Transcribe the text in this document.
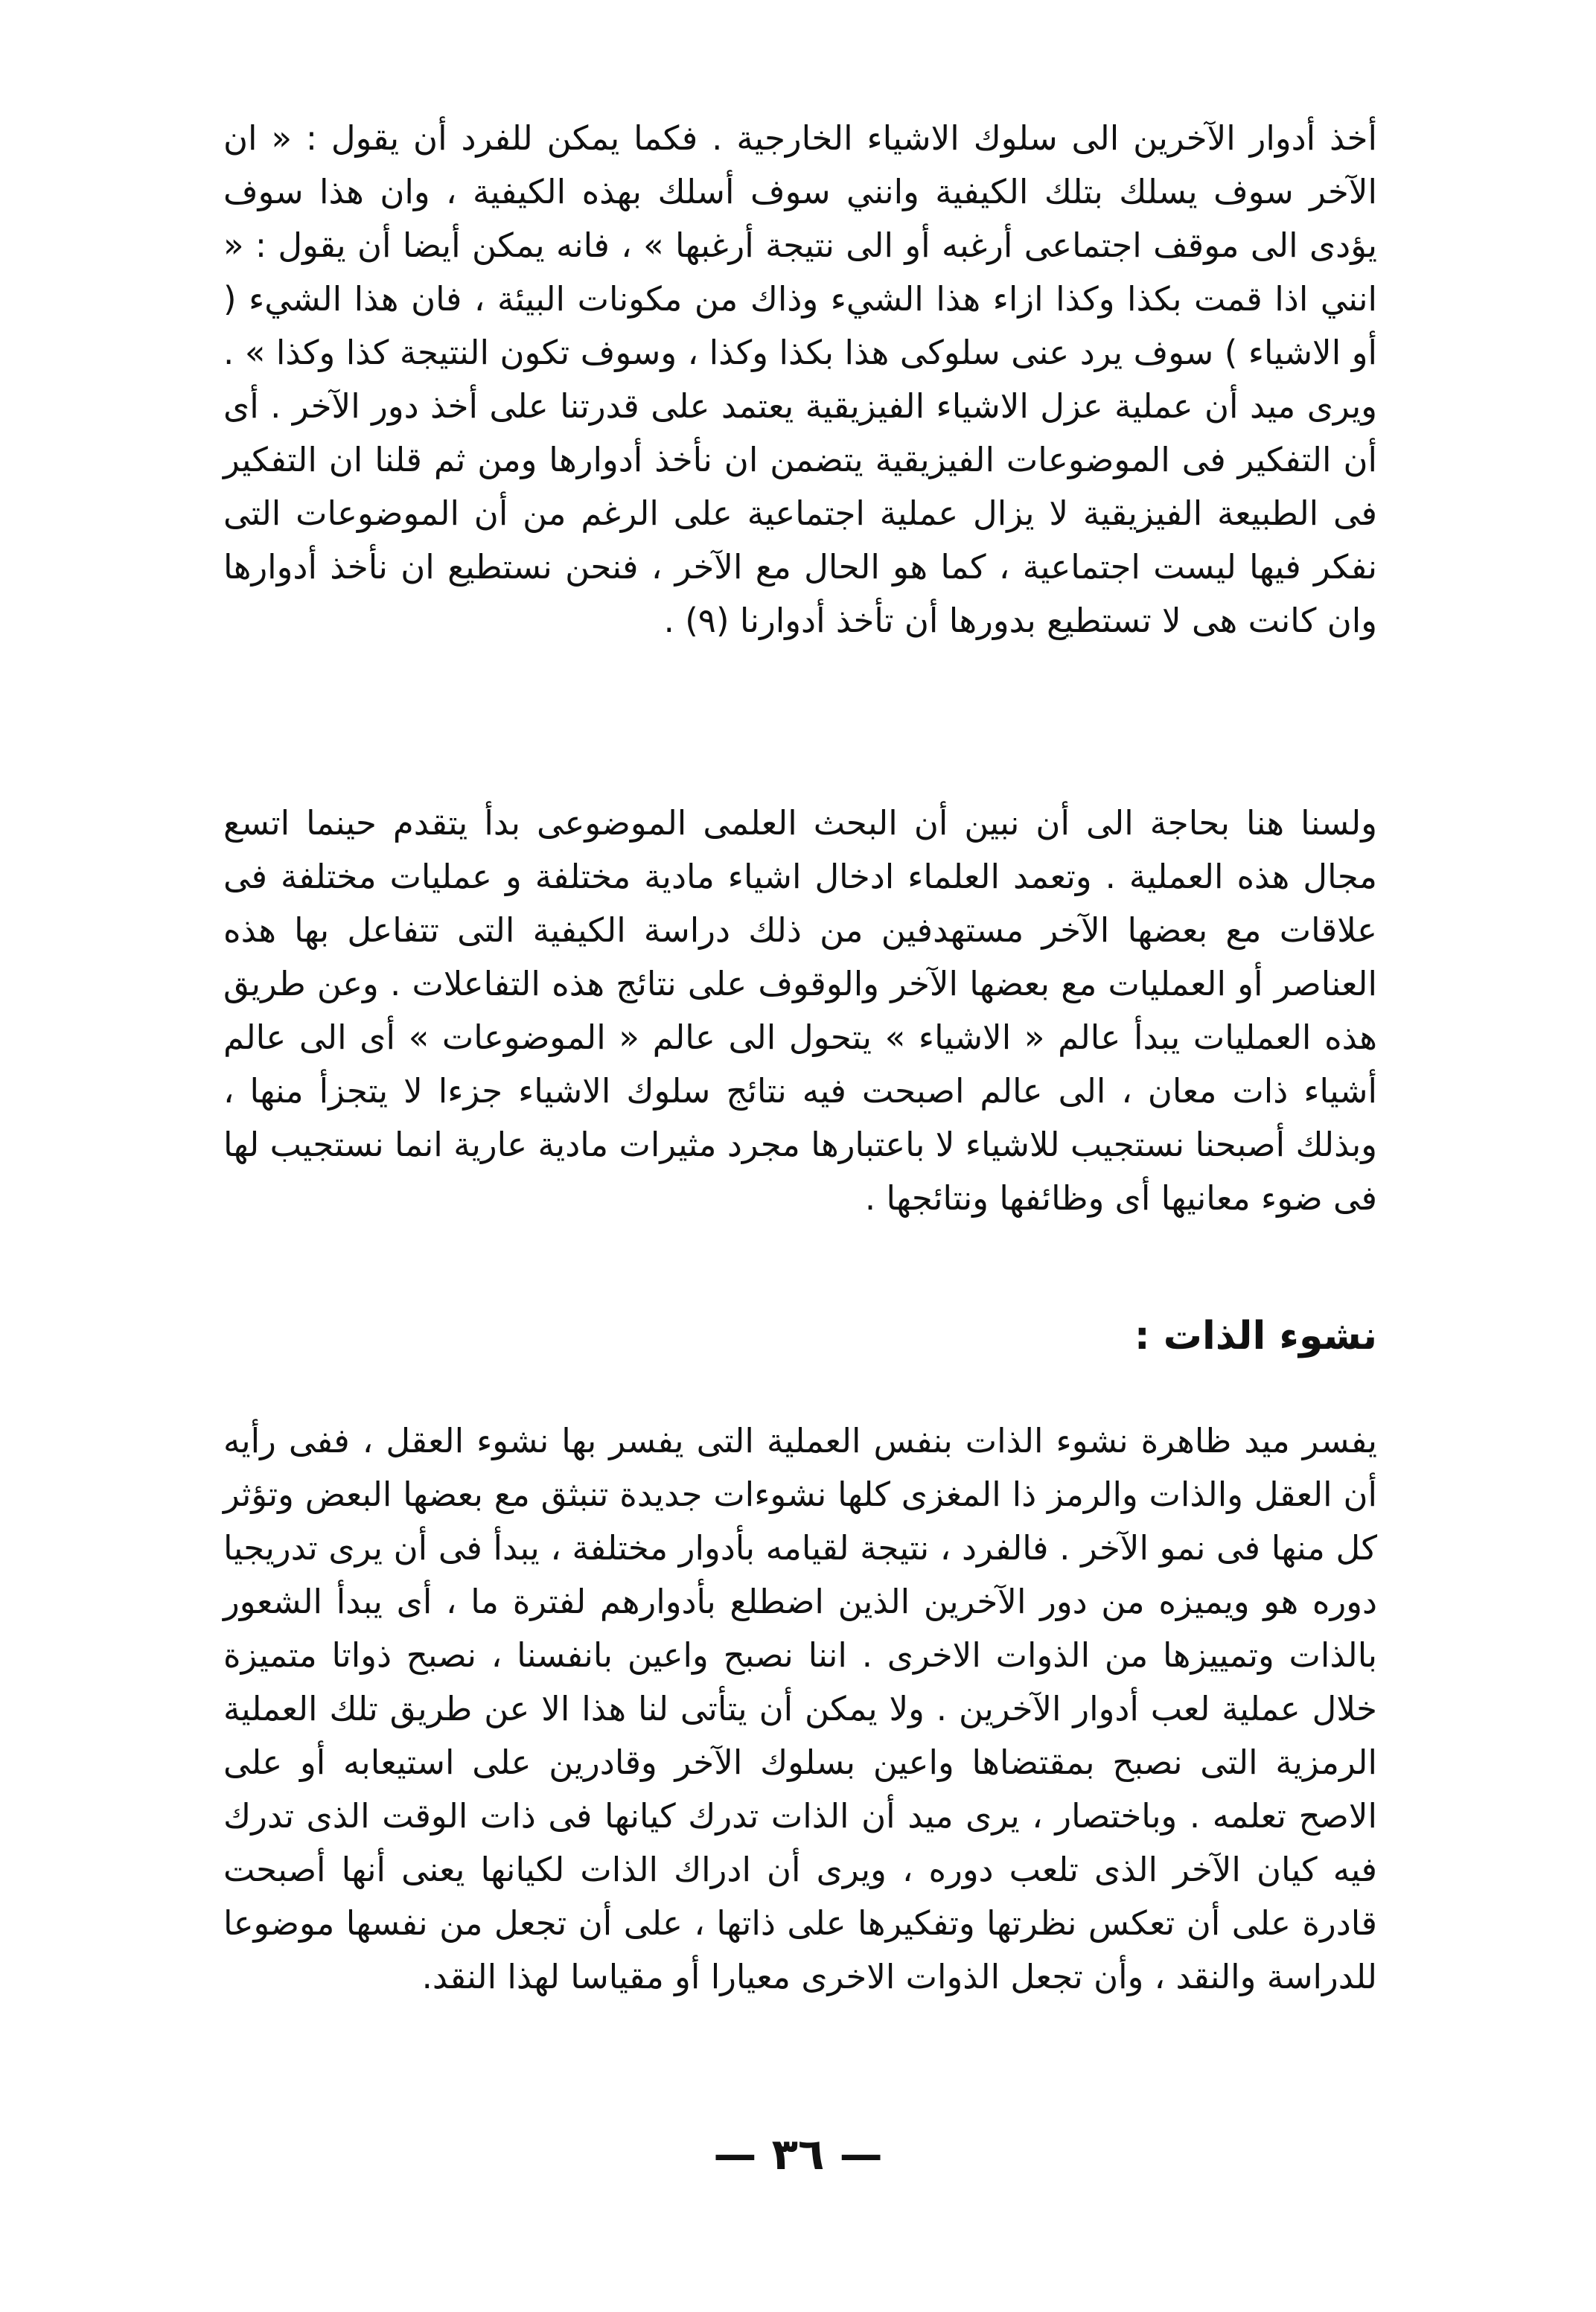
أخذ أدوار الآخرين الى سلوك الاشياء الخارجية . فكما يمكن للفرد أن يقول : « ان الآخر سوف يسلك بتلك الكيفية وانني سوف أسلك بهذه الكيفية ، وان هذا سوف يؤدى الى موقف اجتماعى أرغبه أو الى نتيجة أرغبها » ، فانه يمكن أيضا أن يقول : « انني اذا قمت بكذا وكذا ازاء هذا الشيء وذاك من مكونات البيئة ، فان هذا الشيء ( أو الاشياء ) سوف يرد عنى سلوكى هذا بكذا وكذا ، وسوف تكون النتيجة كذا وكذا » . ويرى ميد أن عملية عزل الاشياء الفيزيقية يعتمد على قدرتنا على أخذ دور الآخر . أى أن التفكير فى الموضوعات الفيزيقية يتضمن ان نأخذ أدوارها ومن ثم قلنا ان التفكير فى الطبيعة الفيزيقية لا يزال عملية اجتماعية على الرغم من أن الموضوعات التى نفكر فيها ليست اجتماعية ، كما هو الحال مع الآخر ، فنحن نستطيع ان نأخذ أدوارها وان كانت هى لا تستطيع بدورها أن تأخذ أدوارنا (٩) .

ولسنا هنا بحاجة الى أن نبين أن البحث العلمى الموضوعى بدأ يتقدم حينما اتسع مجال هذه العملية . وتعمد العلماء ادخال اشياء مادية مختلفة و عمليات مختلفة فى علاقات مع بعضها الآخر مستهدفين من ذلك دراسة الكيفية التى تتفاعل بها هذه العناصر أو العمليات مع بعضها الآخر والوقوف على نتائج هذه التفاعلات . وعن طريق هذه العمليات يبدأ عالم « الاشياء » يتحول الى عالم « الموضوعات » أى الى عالم أشياء ذات معان ، الى عالم اصبحت فيه نتائج سلوك الاشياء جزءا لا يتجزأ منها ، وبذلك أصبحنا نستجيب للاشياء لا باعتبارها مجرد مثيرات مادية عارية انما نستجيب لها فى ضوء معانيها أى وظائفها ونتائجها .

نشوء الذات :

يفسر ميد ظاهرة نشوء الذات بنفس العملية التى يفسر بها نشوء العقل ، ففى رأيه أن العقل والذات والرمز ذا المغزى كلها نشوءات جديدة تنبثق مع بعضها البعض وتؤثر كل منها فى نمو الآخر . فالفرد ، نتيجة لقيامه بأدوار مختلفة ، يبدأ فى أن يرى تدريجيا دوره هو ويميزه من دور الآخرين الذين اضطلع بأدوارهم لفترة ما ، أى يبدأ الشعور بالذات وتمييزها من الذوات الاخرى . اننا نصبح واعين بانفسنا ، نصبح ذواتا متميزة خلال عملية لعب أدوار الآخرين . ولا يمكن أن يتأتى لنا هذا الا عن طريق تلك العملية الرمزية التى نصبح بمقتضاها واعين بسلوك الآخر وقادرين على استيعابه أو على الاصح تعلمه . وباختصار ، يرى ميد أن الذات تدرك كيانها فى ذات الوقت الذى تدرك فيه كيان الآخر الذى تلعب دوره ، ويرى أن ادراك الذات لكيانها يعنى أنها أصبحت قادرة على أن تعكس نظرتها وتفكيرها على ذاتها ، على أن تجعل من نفسها موضوعا للدراسة والنقد ، وأن تجعل الذوات الاخرى معيارا أو مقياسا لهذا النقد.

— ٣٦ —
